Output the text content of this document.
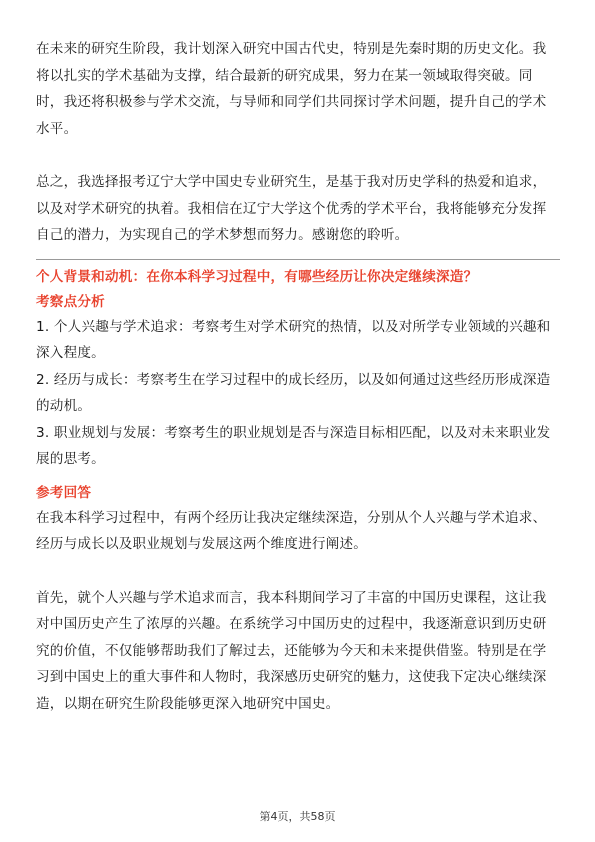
在未来的研究生阶段，我计划深入研究中国古代史，特别是先秦时期的历史文化。我将以扎实的学术基础为支撑，结合最新的研究成果，努力在某一领域取得突破。同时，我还将积极参与学术交流，与导师和同学们共同探讨学术问题，提升自己的学术水平。

总之，我选择报考辽宁大学中国史专业研究生，是基于我对历史学科的热爱和追求，以及对学术研究的执着。我相信在辽宁大学这个优秀的学术平台，我将能够充分发挥自己的潜力，为实现自己的学术梦想而努力。感谢您的聆听。

个人背景和动机：在你本科学习过程中，有哪些经历让你决定继续深造？

考察点分析

1. 个人兴趣与学术追求：考察考生对学术研究的热情，以及对所学专业领域的兴趣和深入程度。

2. 经历与成长：考察考生在学习过程中的成长经历，以及如何通过这些经历形成深造的动机。

3. 职业规划与发展：考察考生的职业规划是否与深造目标相匹配，以及对未来职业发展的思考。

参考回答

在我本科学习过程中，有两个经历让我决定继续深造，分别从个人兴趣与学术追求、经历与成长以及职业规划与发展这两个维度进行阐述。

首先，就个人兴趣与学术追求而言，我本科期间学习了丰富的中国历史课程，这让我对中国历史产生了浓厚的兴趣。在系统学习中国历史的过程中，我逐渐意识到历史研究的价值，不仅能够帮助我们了解过去，还能够为今天和未来提供借鉴。特别是在学习到中国史上的重大事件和人物时，我深感历史研究的魅力，这使我下定决心继续深造，以期在研究生阶段能够更深入地研究中国史。

第4页，共58页
